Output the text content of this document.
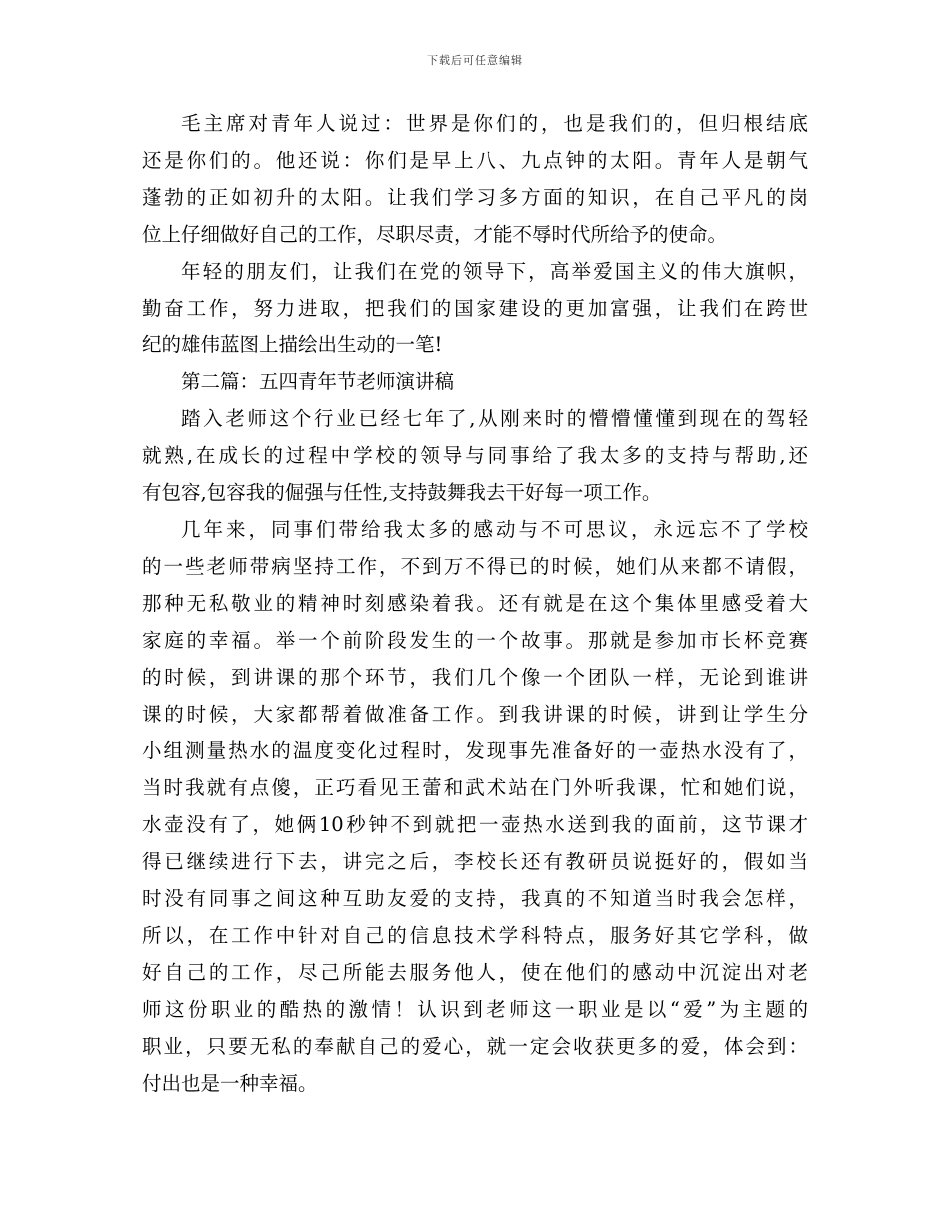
下载后可任意编辑
毛主席对青年人说过：世界是你们的，也是我们的，但归根结底
还是你们的。他还说：你们是早上八、九点钟的太阳。青年人是朝气
蓬勃的正如初升的太阳。让我们学习多方面的知识，在自己平凡的岗
位上仔细做好自己的工作，尽职尽责，才能不辱时代所给予的使命。
年轻的朋友们，让我们在党的领导下，高举爱国主义的伟大旗帜，
勤奋工作，努力进取，把我们的国家建设的更加富强，让我们在跨世
纪的雄伟蓝图上描绘出生动的一笔!
第二篇：五四青年节老师演讲稿
踏入老师这个行业已经七年了,从刚来时的懵懵懂懂到现在的驾轻
就熟,在成长的过程中学校的领导与同事给了我太多的支持与帮助,还
有包容,包容我的倔强与任性,支持鼓舞我去干好每一项工作。
几年来，同事们带给我太多的感动与不可思议，永远忘不了学校
的一些老师带病坚持工作，不到万不得已的时候，她们从来都不请假，
那种无私敬业的精神时刻感染着我。还有就是在这个集体里感受着大
家庭的幸福。举一个前阶段发生的一个故事。那就是参加市长杯竞赛
的时候，到讲课的那个环节，我们几个像一个团队一样，无论到谁讲
课的时候，大家都帮着做准备工作。到我讲课的时候，讲到让学生分
小组测量热水的温度变化过程时，发现事先准备好的一壶热水没有了，
当时我就有点傻，正巧看见王蕾和武术站在门外听我课，忙和她们说，
水壶没有了，她俩10秒钟不到就把一壶热水送到我的面前，这节课才
得已继续进行下去，讲完之后，李校长还有教研员说挺好的，假如当
时没有同事之间这种互助友爱的支持，我真的不知道当时我会怎样，
所以，在工作中针对自己的信息技术学科特点，服务好其它学科，做
好自己的工作，尽己所能去服务他人，使在他们的感动中沉淀出对老
师这份职业的酷热的激情！认识到老师这一职业是以“爱”为主题的
职业，只要无私的奉献自己的爱心，就一定会收获更多的爱，体会到：
付出也是一种幸福。
